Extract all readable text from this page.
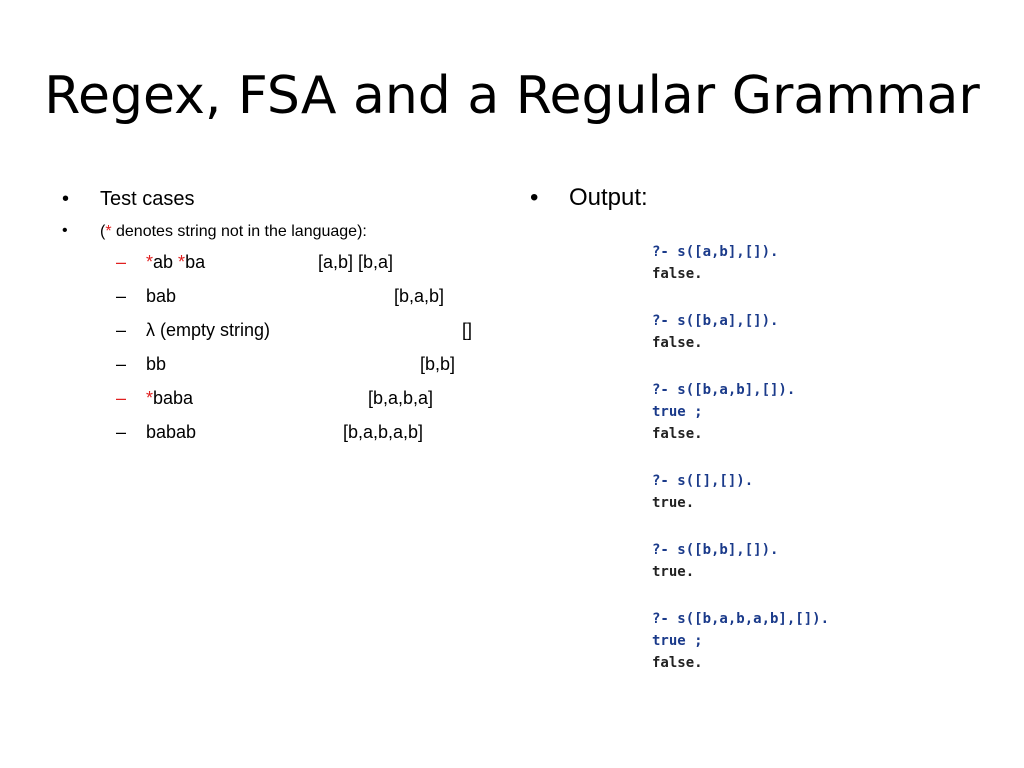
Regex, FSA and a Regular Grammar
• Test cases
• (* denotes string not in the language):
– *ab *ba	[a,b] [b,a]
– bab	[b,a,b]
– λ (empty string)	[]
– bb	[b,b]
– *baba	[b,a,b,a]
– babab	[b,a,b,a,b]
• Output:
?- s([a,b],[]).
false.
?- s([b,a],[]).
false.
?- s([b,a,b],[]).
true ;
false.
?- s([],[]).
true.
?- s([b,b],[]).
true.
?- s([b,a,b,a,b],[]).
true ;
false.
